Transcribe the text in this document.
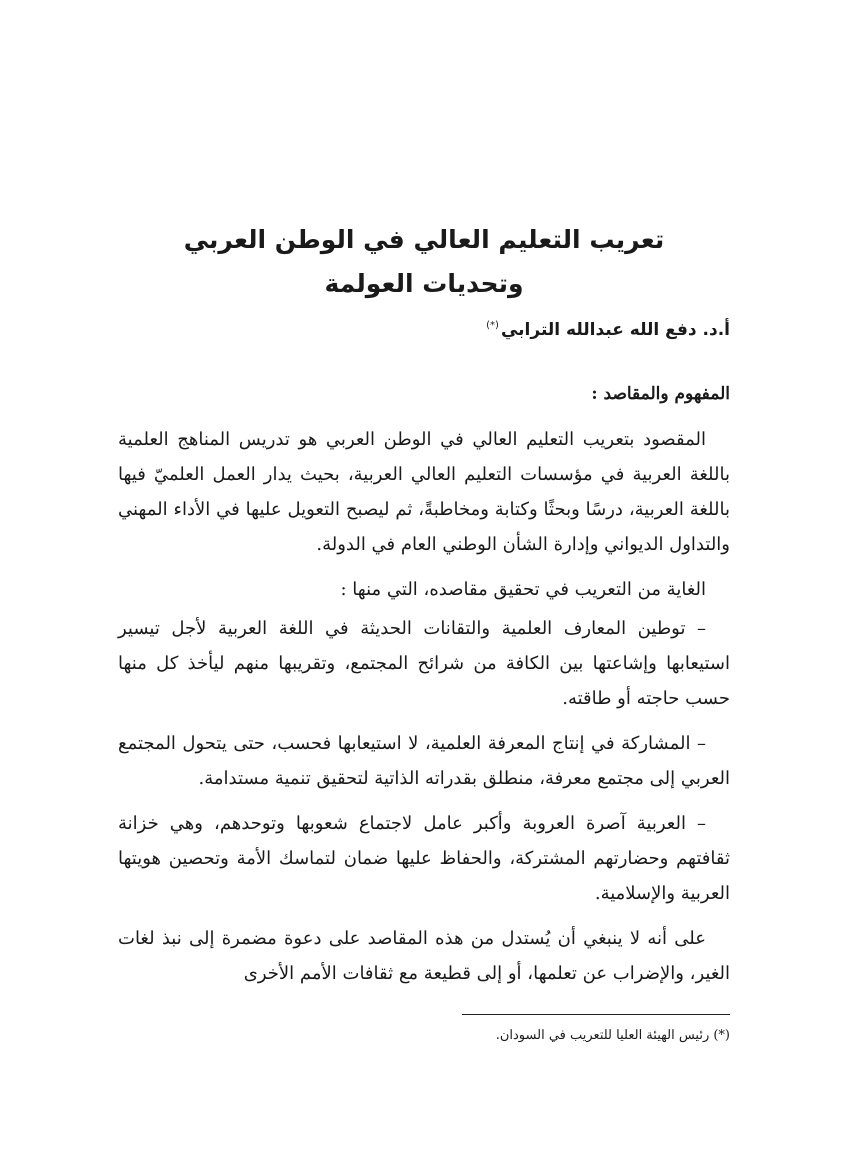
تعريب التعليم العالي في الوطن العربي
وتحديات العولمة

أ.د. دفع الله عبدالله الترابي(*)

المفهوم والمقاصد :

المقصود بتعريب التعليم العالي في الوطن العربي هو تدريس المناهج العلمية باللغة العربية في مؤسسات التعليم العالي العربية، بحيث يدار العمل العلميّ فيها باللغة العربية، درسًا وبحثًا وكتابة ومخاطبةً، ثم ليصبح التعويل عليها في الأداء المهني والتداول الديواني وإدارة الشأن الوطني العام في الدولة.

الغاية من التعريب في تحقيق مقاصده، التي منها :

– توطين المعارف العلمية والتقانات الحديثة في اللغة العربية لأجل تيسير استيعابها وإشاعتها بين الكافة من شرائح المجتمع، وتقريبها منهم ليأخذ كل منها حسب حاجته أو طاقته.

– المشاركة في إنتاج المعرفة العلمية، لا استيعابها فحسب، حتى يتحول المجتمع العربي إلى مجتمع معرفة، منطلق بقدراته الذاتية لتحقيق تنمية مستدامة.

– العربية آصرة العروبة وأكبر عامل لاجتماع شعوبها وتوحدهم، وهي خزانة ثقافتهم وحضارتهم المشتركة، والحفاظ عليها ضمان لتماسك الأمة وتحصين هويتها العربية والإسلامية.

على أنه لا ينبغي أن يُستدل من هذه المقاصد على دعوة مضمرة إلى نبذ لغات الغير، والإضراب عن تعلمها، أو إلى قطيعة مع ثقافات الأمم الأخرى

(*) رئيس الهيئة العليا للتعريب في السودان.
